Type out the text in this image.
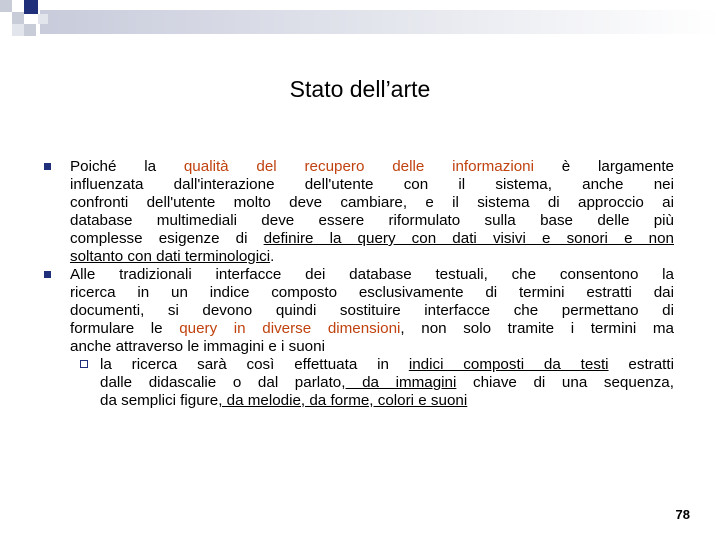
Stato dell’arte

Poiché la qualità del recupero delle informazioni è largamente

influenzata dall'interazione dell'utente con il sistema, anche nei

confronti dell'utente molto deve cambiare, e il sistema di approccio ai

database multimediali deve essere riformulato sulla base delle più

complesse esigenze di definire la query con dati visivi e sonori e non

soltanto con dati terminologici.

Alle tradizionali interfacce dei database testuali, che consentono la

ricerca in un indice composto esclusivamente di termini estratti dai

documenti, si devono quindi sostituire interfacce che permettano di

formulare le query in diverse dimensioni, non solo tramite i termini ma

anche attraverso le immagini e i suoni

la ricerca sarà così effettuata in indici composti da testi estratti

dalle didascalie o dal parlato, da immagini chiave di una sequenza,

da semplici figure, da melodie, da forme, colori e suoni

78
